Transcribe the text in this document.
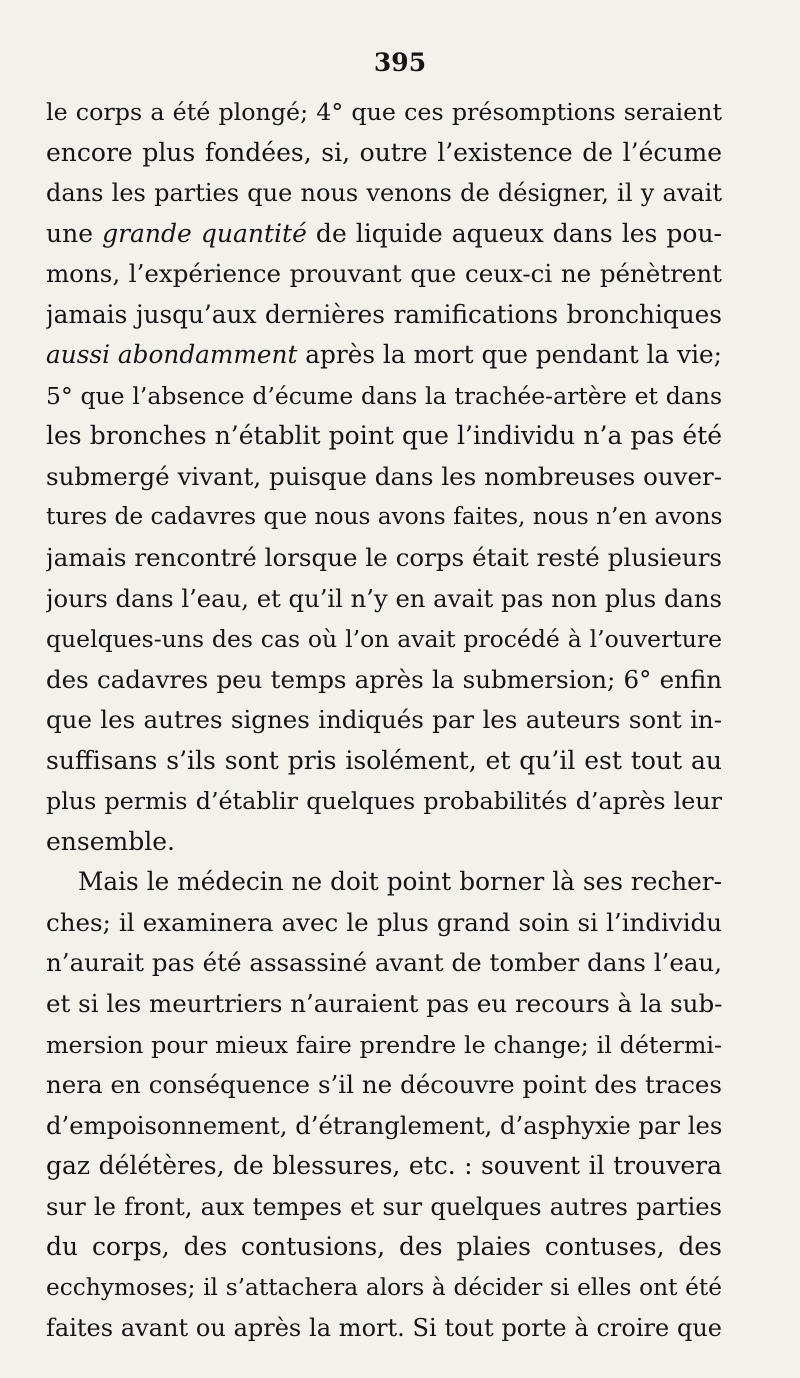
395
le corps a été plongé; 4° que ces présomptions seraient
encore plus fondées, si, outre l’existence de l’écume
dans les parties que nous venons de désigner, il y avait
une grande quantité de liquide aqueux dans les pou-
mons, l’expérience prouvant que ceux-ci ne pénètrent
jamais jusqu’aux dernières ramifications bronchiques
aussi abondamment après la mort que pendant la vie;
5° que l’absence d’écume dans la trachée-artère et dans
les bronches n’établit point que l’individu n’a pas été
submergé vivant, puisque dans les nombreuses ouver-
tures de cadavres que nous avons faites, nous n’en avons
jamais rencontré lorsque le corps était resté plusieurs
jours dans l’eau, et qu’il n’y en avait pas non plus dans
quelques-uns des cas où l’on avait procédé à l’ouverture
des cadavres peu temps après la submersion; 6° enfin
que les autres signes indiqués par les auteurs sont in-
suffisans s’ils sont pris isolément, et qu’il est tout au
plus permis d’établir quelques probabilités d’après leur
ensemble.
Mais le médecin ne doit point borner là ses recher-
ches; il examinera avec le plus grand soin si l’individu
n’aurait pas été assassiné avant de tomber dans l’eau,
et si les meurtriers n’auraient pas eu recours à la sub-
mersion pour mieux faire prendre le change; il détermi-
nera en conséquence s’il ne découvre point des traces
d’empoisonnement, d’étranglement, d’asphyxie par les
gaz délétères, de blessures, etc. : souvent il trouvera
sur le front, aux tempes et sur quelques autres parties
du corps, des contusions, des plaies contuses, des
ecchymoses; il s’attachera alors à décider si elles ont été
faites avant ou après la mort. Si tout porte à croire que
